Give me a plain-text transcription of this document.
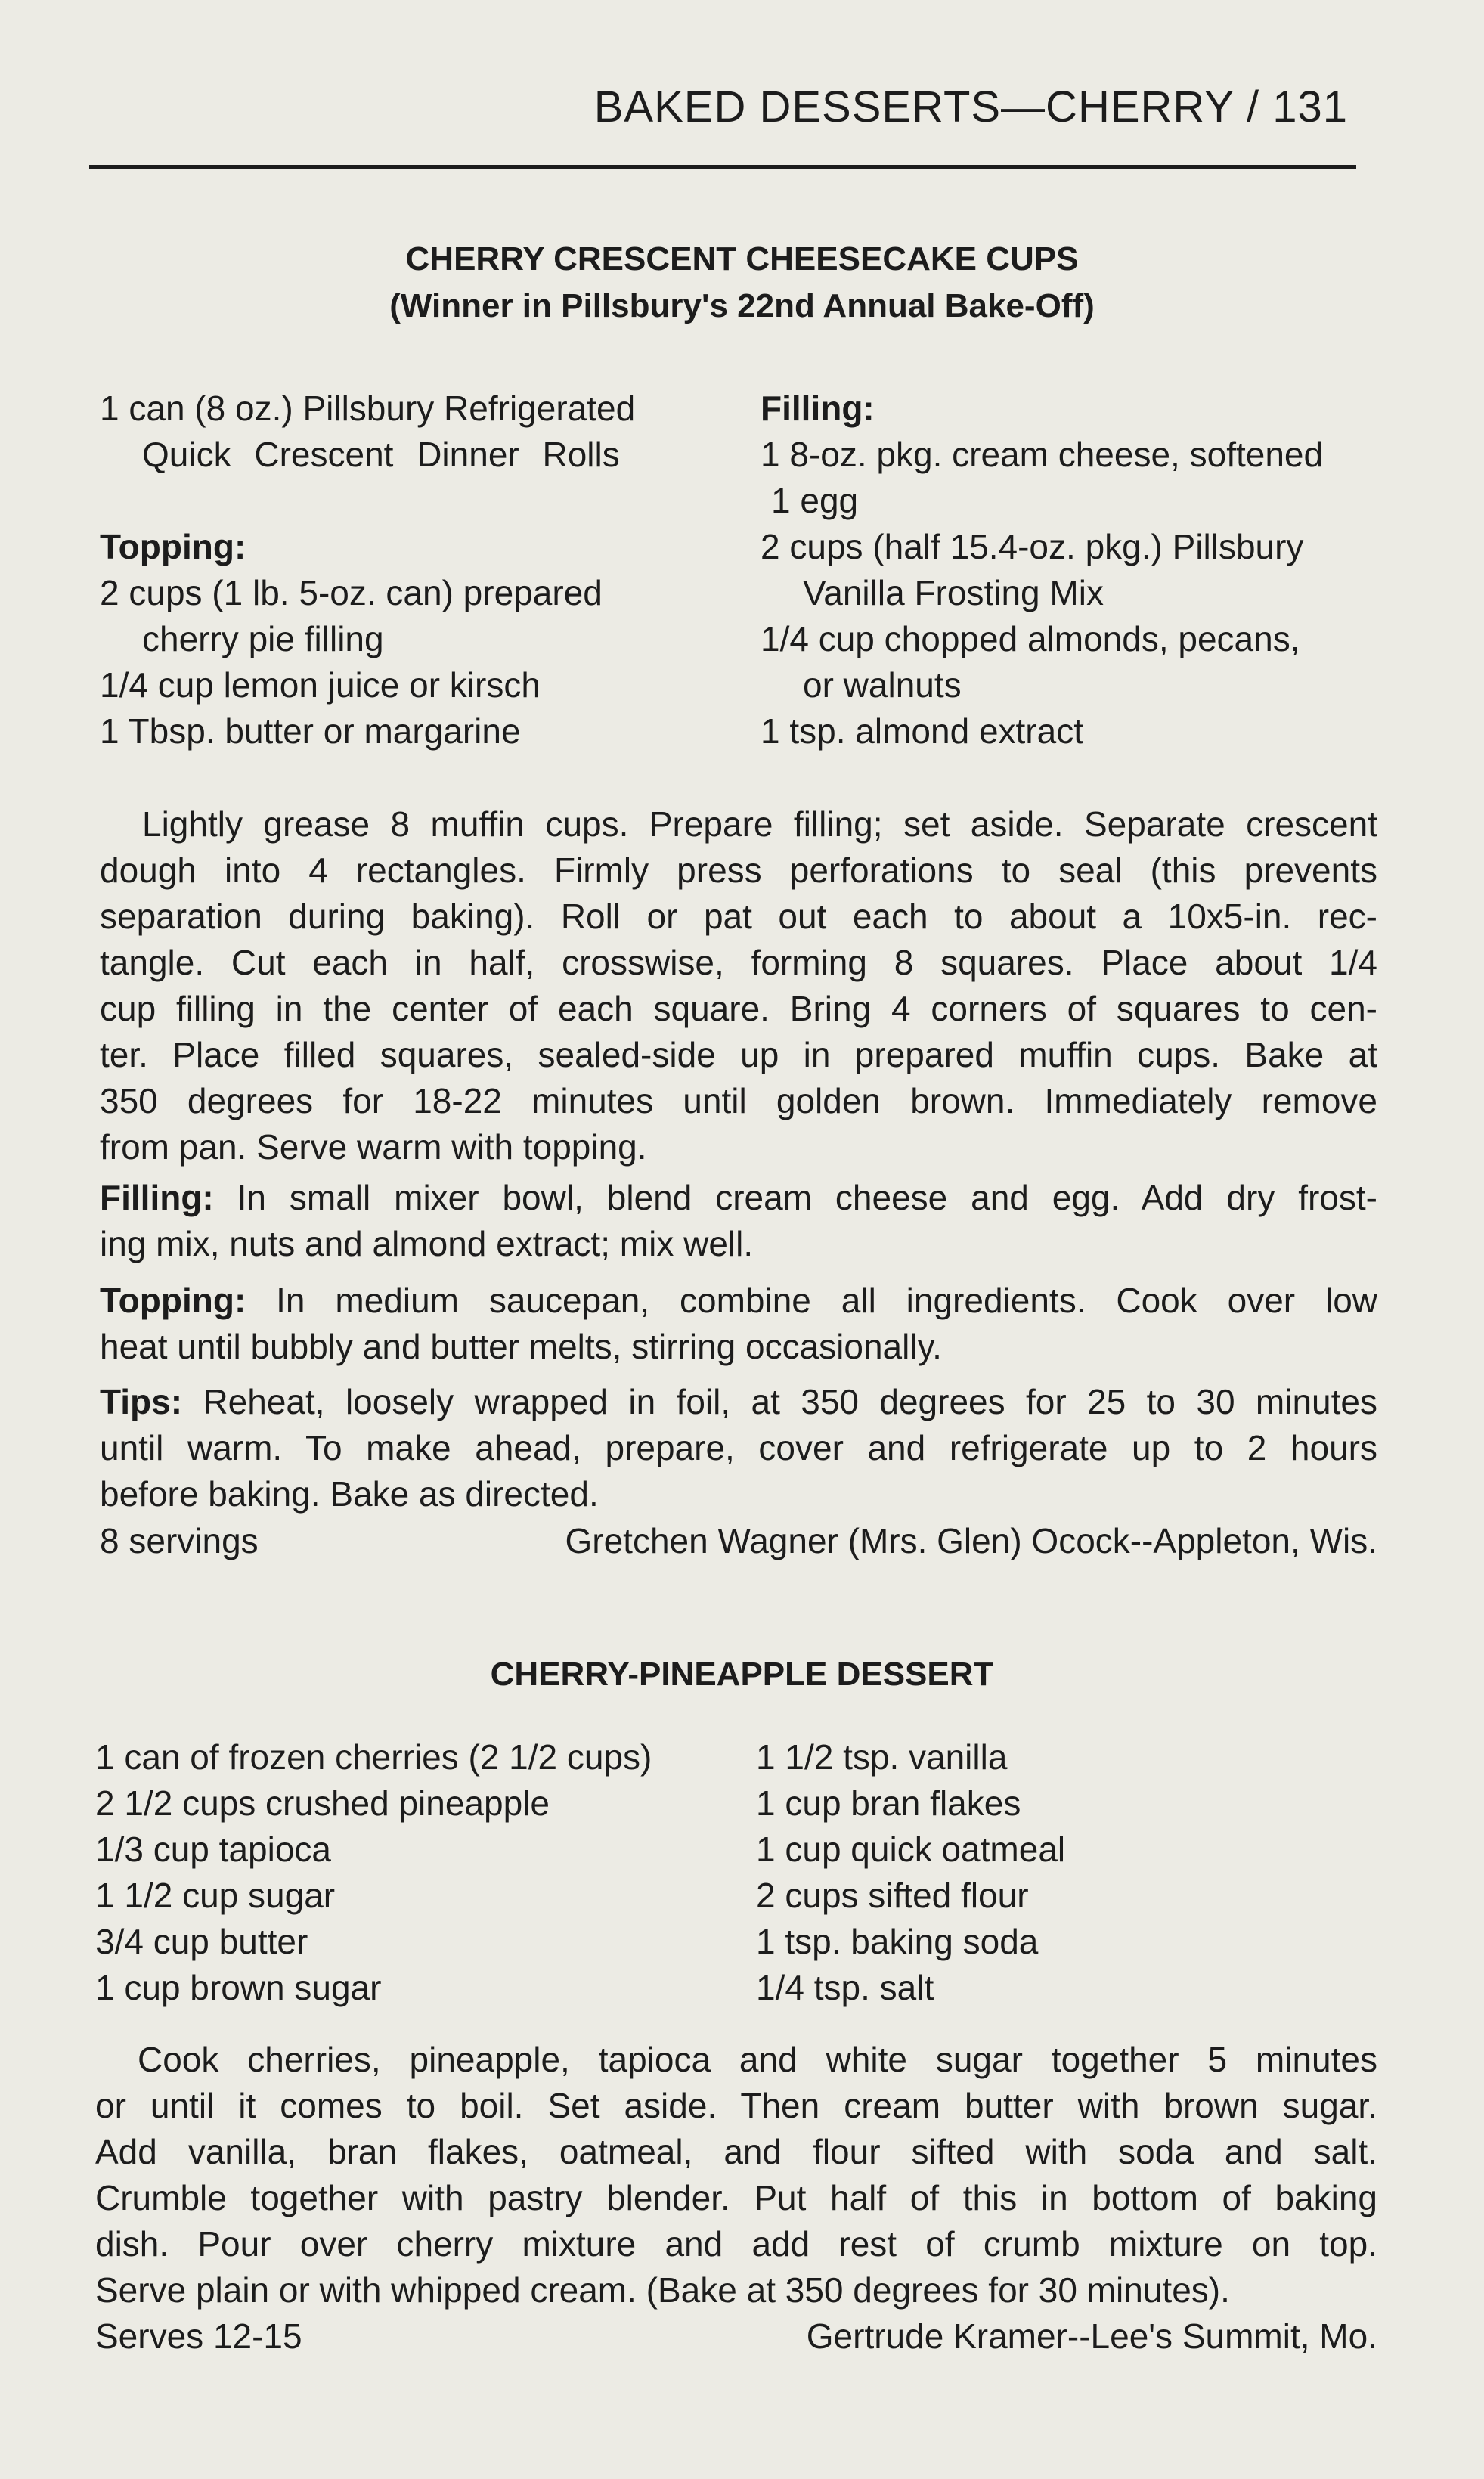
BAKED DESSERTS—CHERRY / 131
CHERRY CRESCENT CHEESECAKE CUPS
(Winner in Pillsbury's 22nd Annual Bake-Off)
1 can (8 oz.) Pillsbury Refrigerated
Quick Crescent Dinner Rolls
Topping:
2 cups (1 lb. 5-oz. can) prepared
cherry pie filling
1/4 cup lemon juice or kirsch
1 Tbsp. butter or margarine
Filling:
1 8-oz. pkg. cream cheese, softened
1 egg
2 cups (half 15.4-oz. pkg.) Pillsbury
Vanilla Frosting Mix
1/4 cup chopped almonds, pecans,
or walnuts
1 tsp. almond extract
Lightly grease 8 muffin cups. Prepare filling; set aside. Separate crescent
dough into 4 rectangles. Firmly press perforations to seal (this prevents
separation during baking). Roll or pat out each to about a 10x5-in. rec-
tangle. Cut each in half, crosswise, forming 8 squares. Place about 1/4
cup filling in the center of each square. Bring 4 corners of squares to cen-
ter. Place filled squares, sealed-side up in prepared muffin cups. Bake at
350 degrees for 18-22 minutes until golden brown. Immediately remove
from pan. Serve warm with topping.
Filling: In small mixer bowl, blend cream cheese and egg. Add dry frost-
ing mix, nuts and almond extract; mix well.
Topping: In medium saucepan, combine all ingredients. Cook over low
heat until bubbly and butter melts, stirring occasionally.
Tips: Reheat, loosely wrapped in foil, at 350 degrees for 25 to 30 minutes
until warm. To make ahead, prepare, cover and refrigerate up to 2 hours
before baking. Bake as directed.
8 servings	Gretchen Wagner (Mrs. Glen) Ocock--Appleton, Wis.
CHERRY-PINEAPPLE DESSERT
1 can of frozen cherries (2 1/2 cups)
2 1/2 cups crushed pineapple
1/3 cup tapioca
1 1/2 cup sugar
3/4 cup butter
1 cup brown sugar
1 1/2 tsp. vanilla
1 cup bran flakes
1 cup quick oatmeal
2 cups sifted flour
1 tsp. baking soda
1/4 tsp. salt
Cook cherries, pineapple, tapioca and white sugar together 5 minutes
or until it comes to boil. Set aside. Then cream butter with brown sugar.
Add vanilla, bran flakes, oatmeal, and flour sifted with soda and salt.
Crumble together with pastry blender. Put half of this in bottom of baking
dish. Pour over cherry mixture and add rest of crumb mixture on top.
Serve plain or with whipped cream. (Bake at 350 degrees for 30 minutes).
Serves 12-15	Gertrude Kramer--Lee's Summit, Mo.
